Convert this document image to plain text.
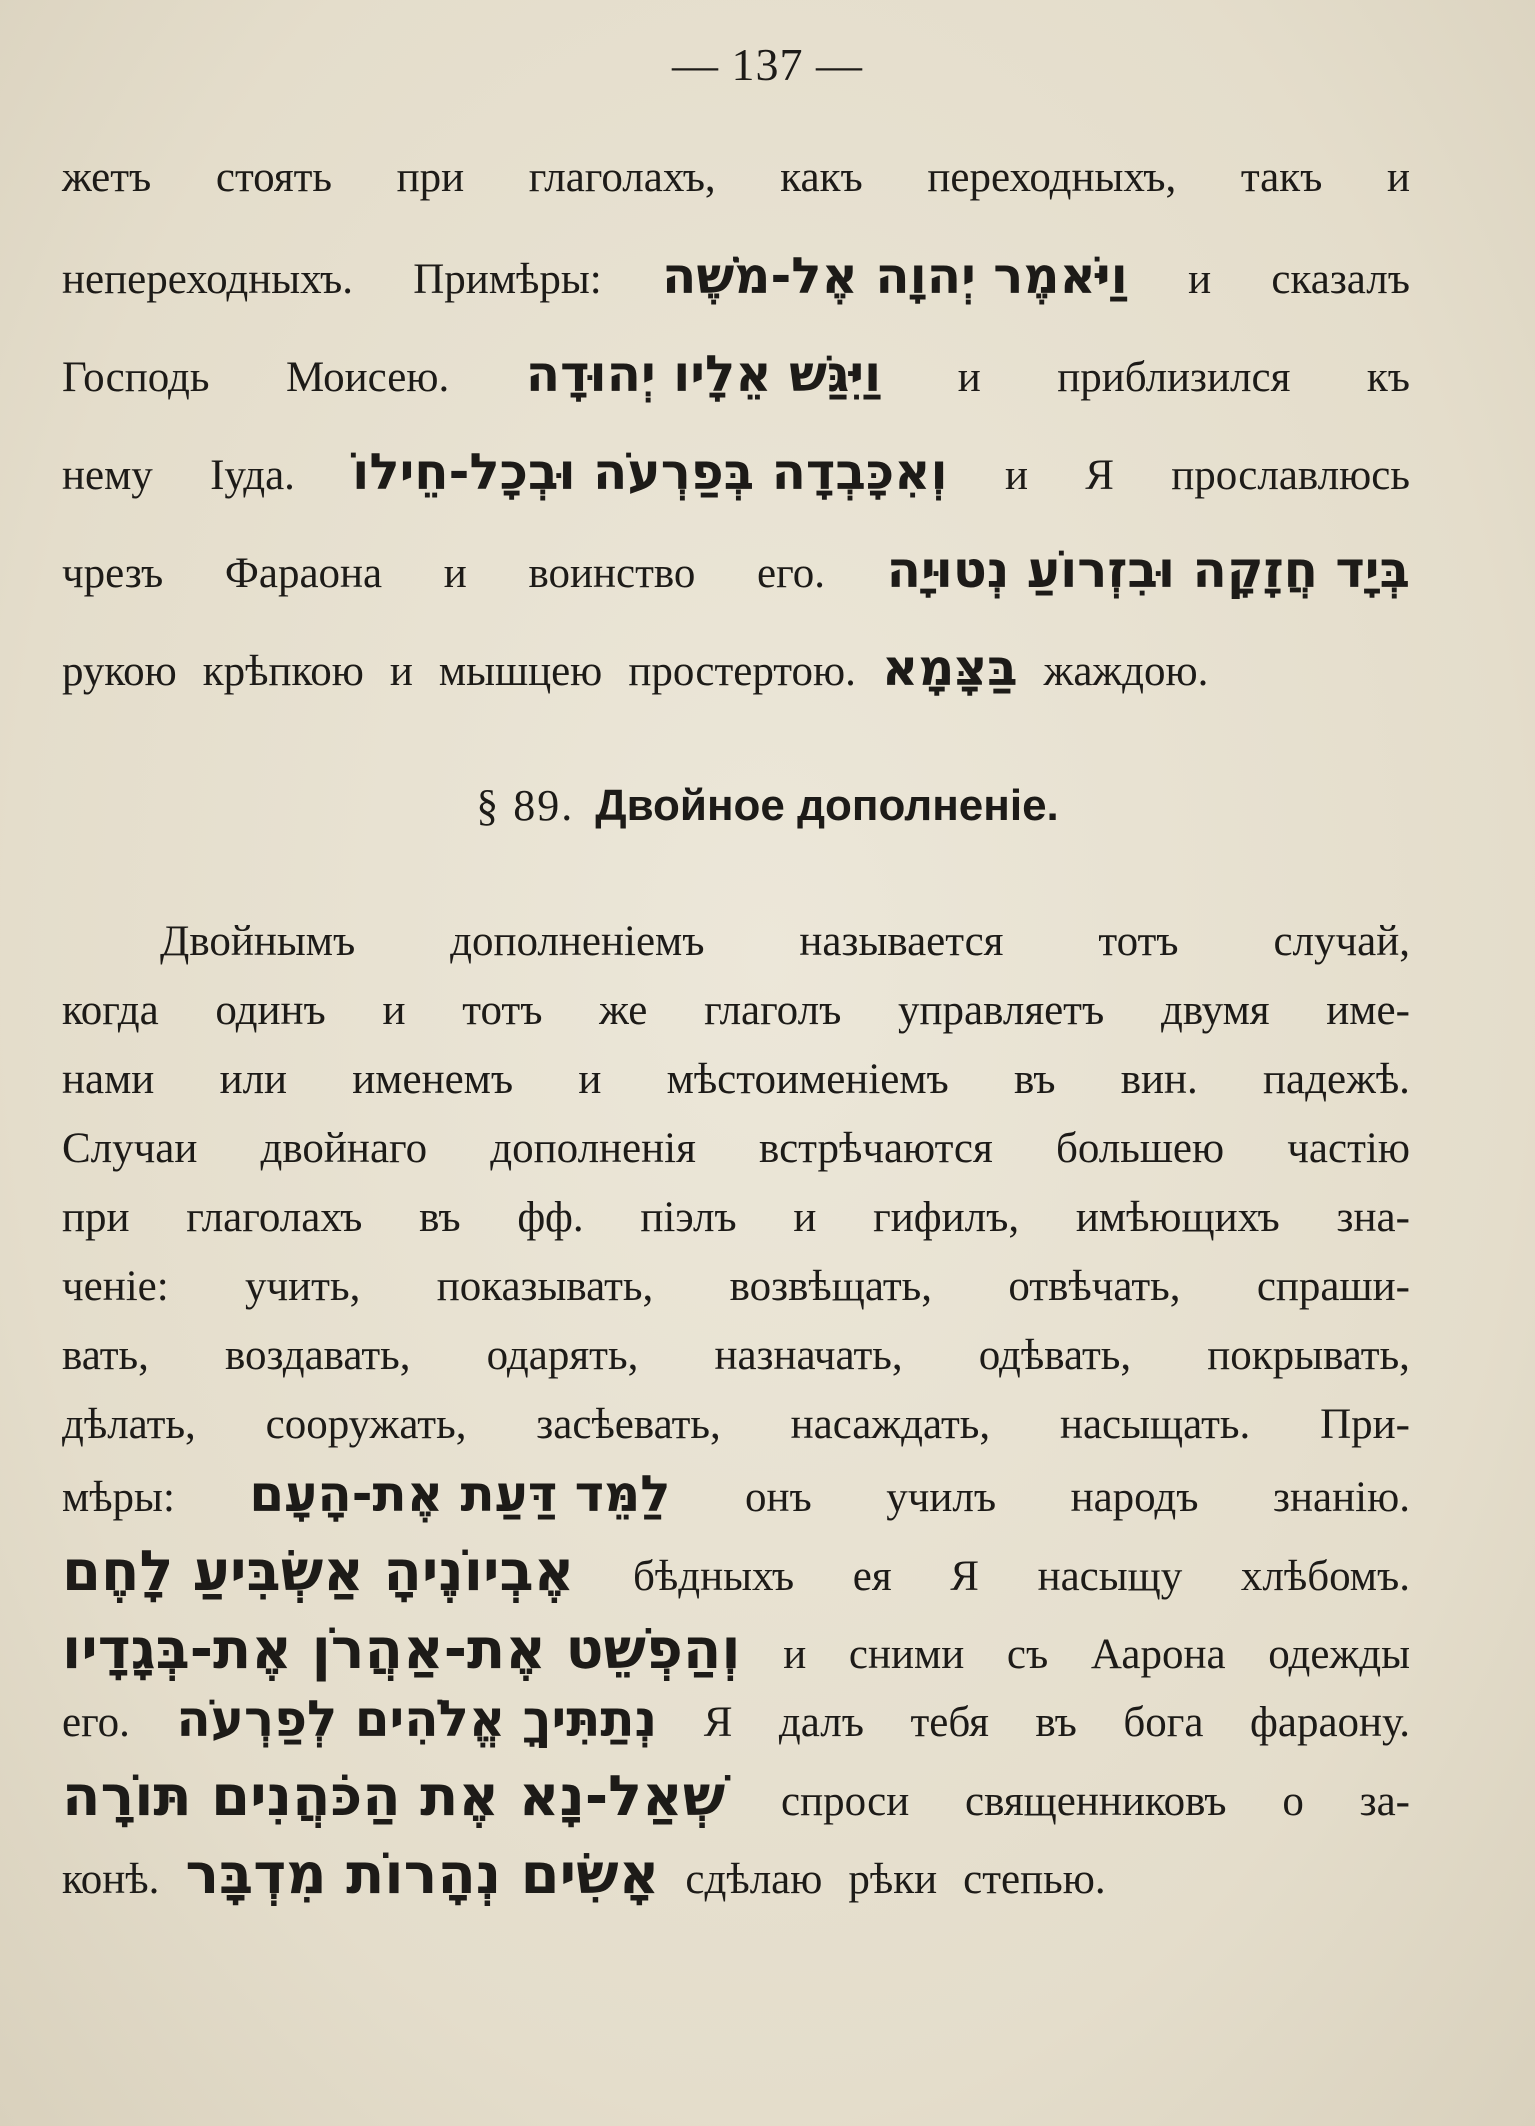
— 137 —
жетъ стоять при глаголахъ, какъ переходныхъ, такъ и
непереходныхъ. Примѣры: וַיֹּאמֶר יְהוָה אֶל-מֹשֶׁה и сказалъ
Господь Моисею. וַיִּגַּשׁ אֵלָיו יְהוּדָה и приблизился къ
нему Іуда. וְאִכָּבְדָה בְּפַרְעֹה וּבְכָל-חֵילוֹ и Я прославлюсь
чрезъ Фараона и воинство его. בְּיָד חֲזָקָה וּבִזְרוֹעַ נְטוּיָה
рукою крѣпкою и мышцею простертою. בַּצָּמָא жаждою.
§ 89. Двойное дополненіе.
Двойнымъ дополненіемъ называется тотъ случай,
когда одинъ и тотъ же глаголъ управляетъ двумя име-
нами или именемъ и мѣстоименіемъ въ вин. падежѣ.
Случаи двойнаго дополненія встрѣчаются большею частію
при глаголахъ въ фф. піэлъ и гифилъ, имѣющихъ зна-
ченіе: учить, показывать, возвѣщать, отвѣчать, спраши-
вать, воздавать, одарять, назначать, одѣвать, покрывать,
дѣлать, сооружать, засѣевать, насаждать, насыщать. При-
мѣры: לַמֵּד דַּעַת אֶת-הָעָם онъ училъ народъ знанію.
אֶבְיוֹנֶיהָ אַשְׂבִּיעַ לָחֶם бѣдныхъ ея Я насыщу хлѣбомъ.
וְהַפְשֵׁט אֶת-אַהֲרֹן אֶת-בְּגָדָיו и сними съ Аарона одежды
его. נְתַתִּיךָ אֱלֹהִים לְפַרְעֹה Я далъ тебя въ бога фараону.
שְׁאַל-נָא אֶת הַכֹּהֲנִים תּוֹרָה спроси священниковъ о за-
конѣ. אָשִׂים נְהָרוֹת מִדְבָּר сдѣлаю рѣки степью.
